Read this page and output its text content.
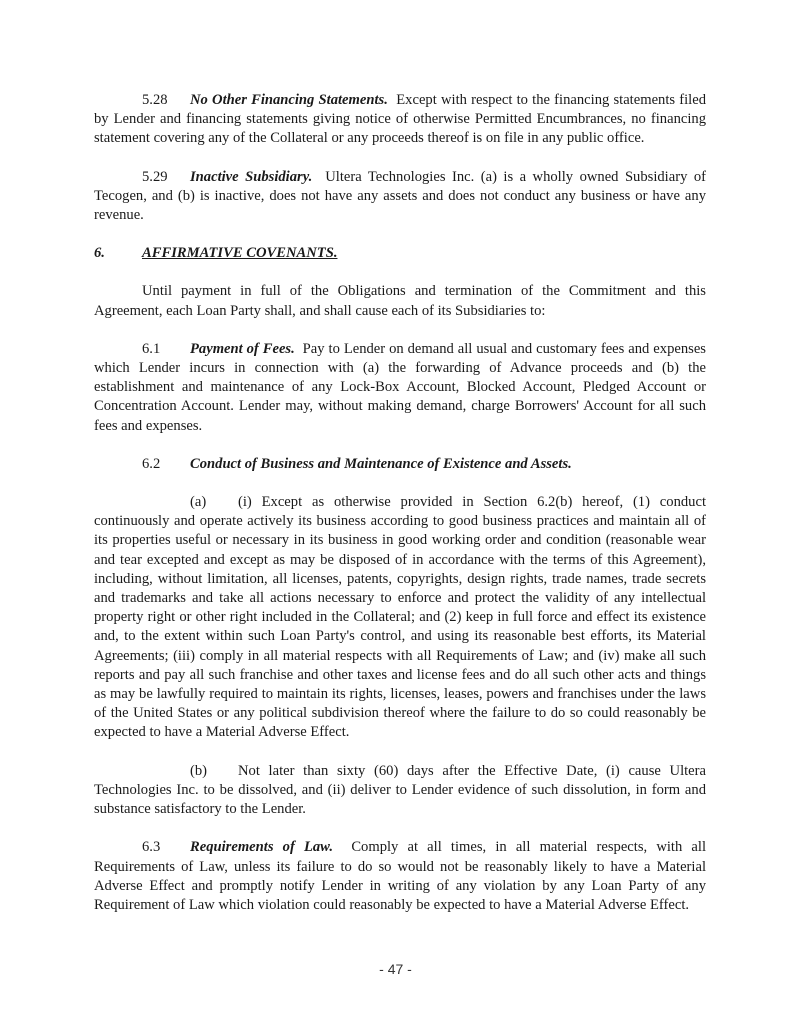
5.28 No Other Financing Statements. Except with respect to the financing statements filed by Lender and financing statements giving notice of otherwise Permitted Encumbrances, no financing statement covering any of the Collateral or any proceeds thereof is on file in any public office.

5.29 Inactive Subsidiary. Ultera Technologies Inc. (a) is a wholly owned Subsidiary of Tecogen, and (b) is inactive, does not have any assets and does not conduct any business or have any revenue.

6.	AFFIRMATIVE COVENANTS.

Until payment in full of the Obligations and termination of the Commitment and this Agreement, each Loan Party shall, and shall cause each of its Subsidiaries to:

6.1 Payment of Fees. Pay to Lender on demand all usual and customary fees and expenses which Lender incurs in connection with (a) the forwarding of Advance proceeds and (b) the establishment and maintenance of any Lock-Box Account, Blocked Account, Pledged Account or Concentration Account. Lender may, without making demand, charge Borrowers' Account for all such fees and expenses.

6.2 Conduct of Business and Maintenance of Existence and Assets.

(a) (i) Except as otherwise provided in Section 6.2(b) hereof, (1) conduct continuously and operate actively its business according to good business practices and maintain all of its properties useful or necessary in its business in good working order and condition (reasonable wear and tear excepted and except as may be disposed of in accordance with the terms of this Agreement), including, without limitation, all licenses, patents, copyrights, design rights, trade names, trade secrets and trademarks and take all actions necessary to enforce and protect the validity of any intellectual property right or other right included in the Collateral; and (2) keep in full force and effect its existence and, to the extent within such Loan Party's control, and using its reasonable best efforts, its Material Agreements; (iii) comply in all material respects with all Requirements of Law; and (iv) make all such reports and pay all such franchise and other taxes and license fees and do all such other acts and things as may be lawfully required to maintain its rights, licenses, leases, powers and franchises under the laws of the United States or any political subdivision thereof where the failure to do so could reasonably be expected to have a Material Adverse Effect.

(b) Not later than sixty (60) days after the Effective Date, (i) cause Ultera Technologies Inc. to be dissolved, and (ii) deliver to Lender evidence of such dissolution, in form and substance satisfactory to the Lender.

6.3 Requirements of Law. Comply at all times, in all material respects, with all Requirements of Law, unless its failure to do so would not be reasonably likely to have a Material Adverse Effect and promptly notify Lender in writing of any violation by any Loan Party of any Requirement of Law which violation could reasonably be expected to have a Material Adverse Effect.

- 47 -
